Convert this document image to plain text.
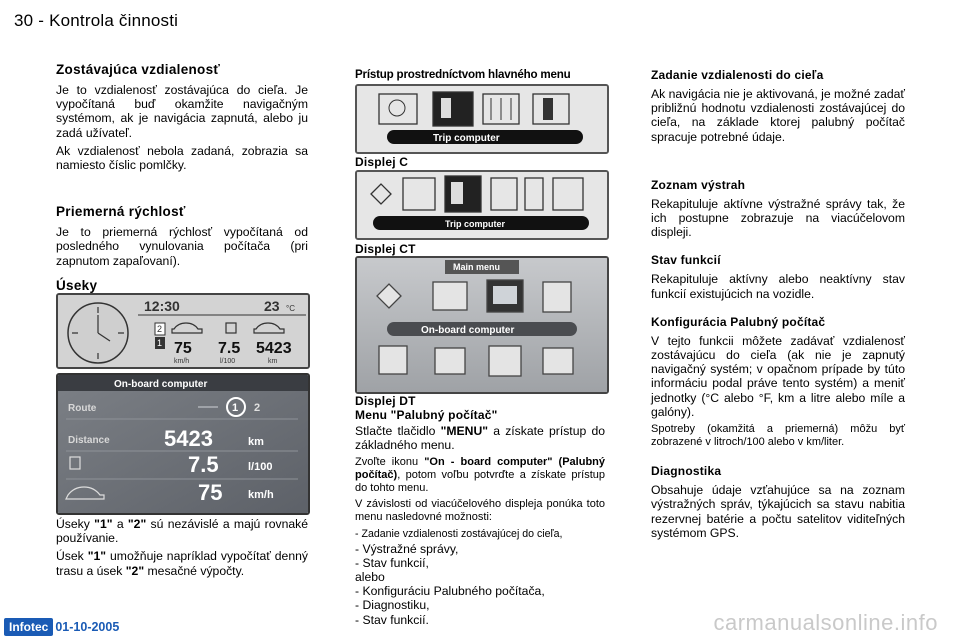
30 - Kontrola činnosti
Zostávajúca vzdialenosť

Je to vzdialenosť zostávajúca do cieľa. Je vypočítaná buď okamžite navigačným systémom, ak je navigácia zapnutá, alebo ju zadá užívateľ.

Ak vzdialenosť nebola zadaná, zobrazia sa namiesto číslic pomlčky.

Priemerná rýchlosť

Je to priemerná rýchlosť vypočítaná od posledného vynulovania počítača (pri zapnutom zapaľovaní).

Úseky
12:30	23 °C
1
2
75 7.5 5423
km/h	l/100	km
On-board computer
Route	1 2
Distance 5423	km
7.5	l/100
75 km/h

Úseky "1" a "2" sú nezávislé a majú rovnaké používanie.

Úsek "1" umožňuje napríklad vypočítať denný trasu a úsek "2" mesačné výpočty.

Prístup prostredníctvom hlavného menu
Trip computer
Displej C
Trip computer
Displej CT
Main menu
On-board computer
Displej DT
Menu "Palubný počítač"

Stlačte tlačidlo "MENU" a získate prístup do základného menu.

Zvoľte ikonu "On - board computer" (Palubný počítač), potom voľbu potvrďte a získate prístup do tohto menu.

V závislosti od viacúčelového displeja ponúka toto menu nasledovné možnosti:

- Zadanie vzdialenosti zostávajúcej do cieľa,
- Výstražné správy,
- Stav funkcií,
alebo
- Konfiguráciu Palubného počítača,
- Diagnostiku,
- Stav funkcií.
Zadanie vzdialenosti do cieľa

Ak navigácia nie je aktivovaná, je možné zadať približnú hodnotu vzdialenosti zostávajúcej do cieľa, na základe ktorej palubný počítač spracuje potrebné údaje.

Zoznam výstrah

Rekapituluje aktívne výstražné správy tak, že ich postupne zobrazuje na viacúčelovom displeji.

Stav funkcií

Rekapituluje aktívny alebo neaktívny stav funkcií existujúcich na vozidle.

Konfigurácia Palubný počítač

V tejto funkcii môžete zadávať vzdialenosť zostávajúcu do cieľa (ak nie je zapnutý navigačný systém; v opačnom prípade by túto informáciu podal práve tento systém) a meniť jednotky (°C alebo °F, km a litre alebo míle a galóny).

Spotreby (okamžitá a priemerná) môžu byť zobrazené v litroch/100 alebo v km/liter.

Diagnostika

Obsahuje údaje vzťahujúce sa na zoznam výstražných správ, týkajúcich sa stavu nabitia rezervnej batérie a počtu satelitov viditeľných systémom GPS.

Infotec 01-10-2005	carmanualsonline.info
